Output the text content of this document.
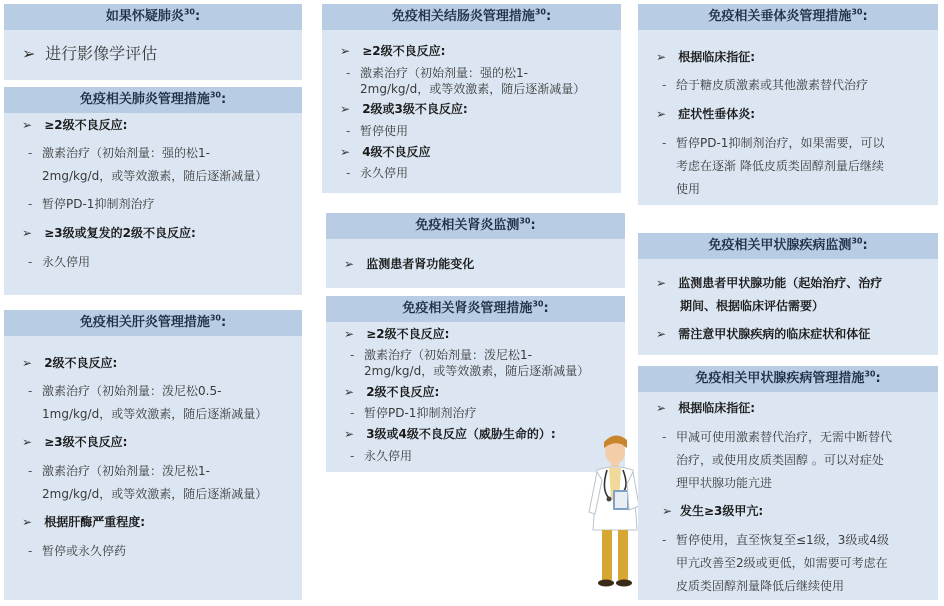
如果怀疑肺炎$^{30}$:
➢ 进行影像学评估
免疫相关肺炎管理措施$^{30}$:
➢ ≥2级不良反应:
- 激素治疗（初始剂量：强的松1-
2mg/kg/d，或等效激素，随后逐渐减量）
- 暂停PD-1抑制剂治疗
➢ ≥3级或复发的2级不良反应:
- 永久停用
免疫相关肝炎管理措施$^{30}$:
➢ 2级不良反应:
- 激素治疗（初始剂量：泼尼松0.5-
1mg/kg/d，或等效激素，随后逐渐减量）
➢ ≥3级不良反应:
- 激素治疗（初始剂量：泼尼松1-
2mg/kg/d，或等效激素，随后逐渐减量）
➢ 根据肝酶严重程度:
- 暂停或永久停药
免疫相关结肠炎管理措施$^{30}$:
➢ ≥2级不良反应:
- 激素治疗（初始剂量：强的松1-
2mg/kg/d，或等效激素，随后逐渐减量）
➢ 2级或3级不良反应:
- 暂停使用
➢ 4级不良反应
- 永久停用
免疫相关肾炎监测$^{30}$:
➢ 监测患者肾功能变化
免疫相关肾炎管理措施$^{30}$:
➢ ≥2级不良反应:
- 激素治疗（初始剂量：泼尼松1-
2mg/kg/d，或等效激素，随后逐渐减量）
➢ 2级不良反应:
- 暂停PD-1抑制剂治疗
➢ 3级或4级不良反应（威胁生命的）:
- 永久停用
免疫相关垂体炎管理措施$^{30}$:
➢ 根据临床指征:
- 给于糖皮质激素或其他激素替代治疗
➢ 症状性垂体炎:
- 暂停PD-1抑制剂治疗，如果需要，可以
考虑在逐渐 降低皮质类固醇剂量后继续
使用
免疫相关甲状腺疾病监测$^{30}$:
➢ 监测患者甲状腺功能（起始治疗、治疗
期间、根据临床评估需要）
➢ 需注意甲状腺疾病的临床症状和体征
免疫相关甲状腺疾病管理措施$^{30}$:
➢ 根据临床指征:
- 甲减可使用激素替代治疗，无需中断替代
治疗，或使用皮质类固醇 。可以对症处
理甲状腺功能亢进
➢ 发生≥3级甲亢:
- 暂停使用，直至恢复至≤1级，3级或4级
甲亢改善至2级或更低，如需要可考虑在
皮质类固醇剂量降低后继续使用
